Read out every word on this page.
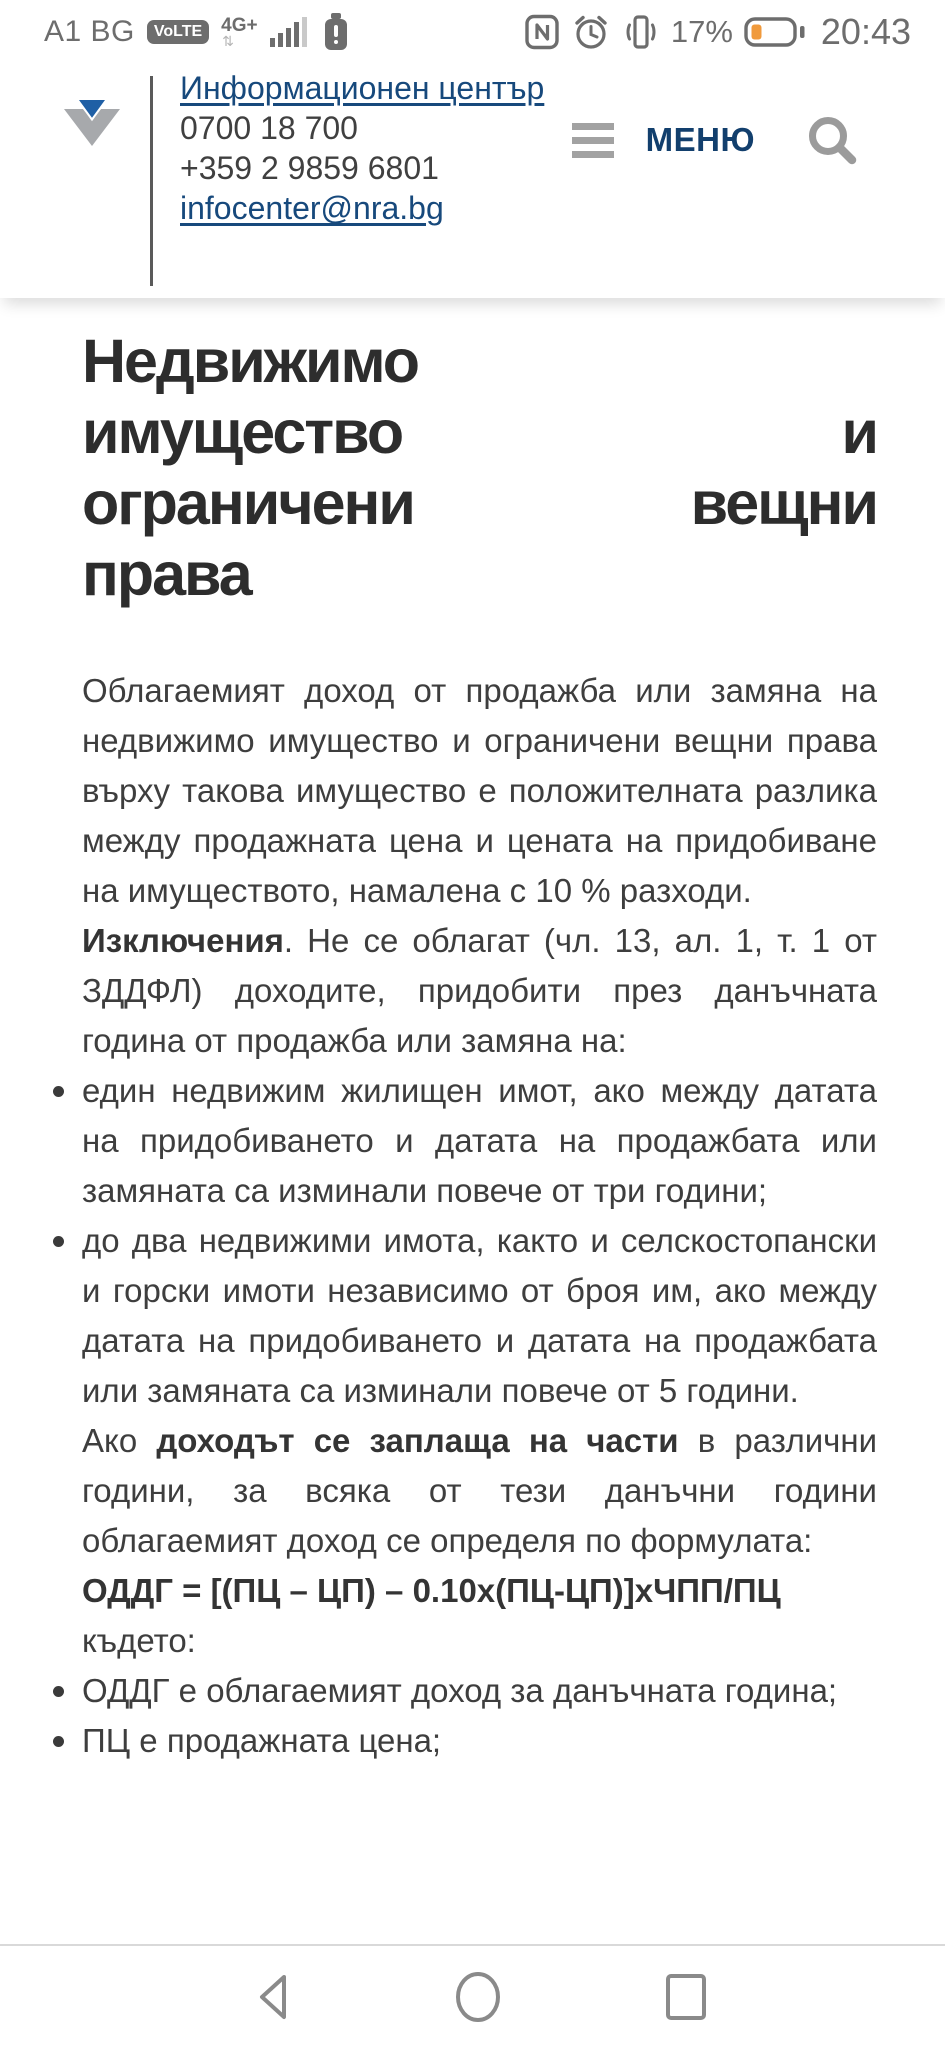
A1 BG	VoLTE	4G+
⇅	17% 20:43
Информационен център
0700 18 700
+359 2 9859 6801
infocenter@nra.bg
МЕНЮ
Недвижимо
имущество и
ограничени вещни
права

Облагаемият доход от продажба или замяна на недвижимо имущество и ограничени вещни права върху такова имущество е положителната разлика между продажната цена и цената на придобиване на имуществото, намалена с 10 % разходи.

Изключения. Не се облагат (чл. 13, ал. 1, т. 1 от ЗДДФЛ) доходите, придобити през данъчната година от продажба или замяна на:

един недвижим жилищен имот, ако между датата на придобиването и датата на продажбата или замяната са изминали повече от три години;
до два недвижими имота, както и селскостопански и горски имоти независимо от броя им, ако между датата на придобиването и датата на продажбата или замяната са изминали повече от 5 години.

Ако доходът се заплаща на части в различни години, за всяка от тези данъчни години облагаемият доход се определя по формулата:

ОДДГ = [(ПЦ – ЦП) – 0.10х(ПЦ-ЦП)]хЧПП/ПЦ

където:

ОДДГ е облагаемият доход за данъчната година;
ПЦ е продажната цена;
